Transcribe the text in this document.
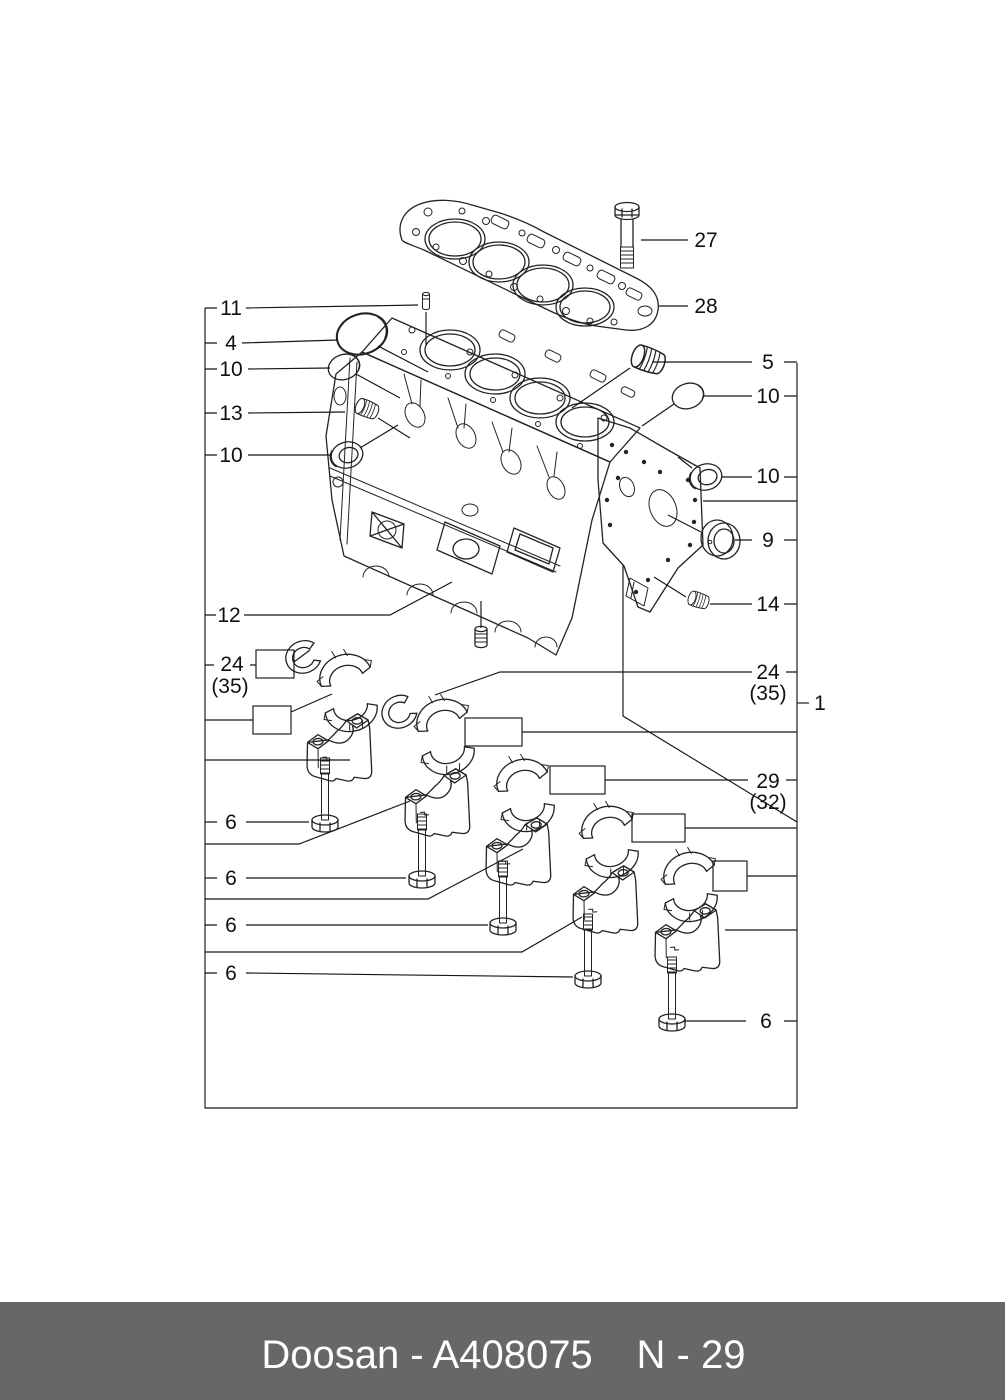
27
28
11
4
10
13
10
12
24
(35)
6
6
6
6
5
10
10
9
14
24
(35) 1
29
(32)
6
Doosan - A408075 N - 29
